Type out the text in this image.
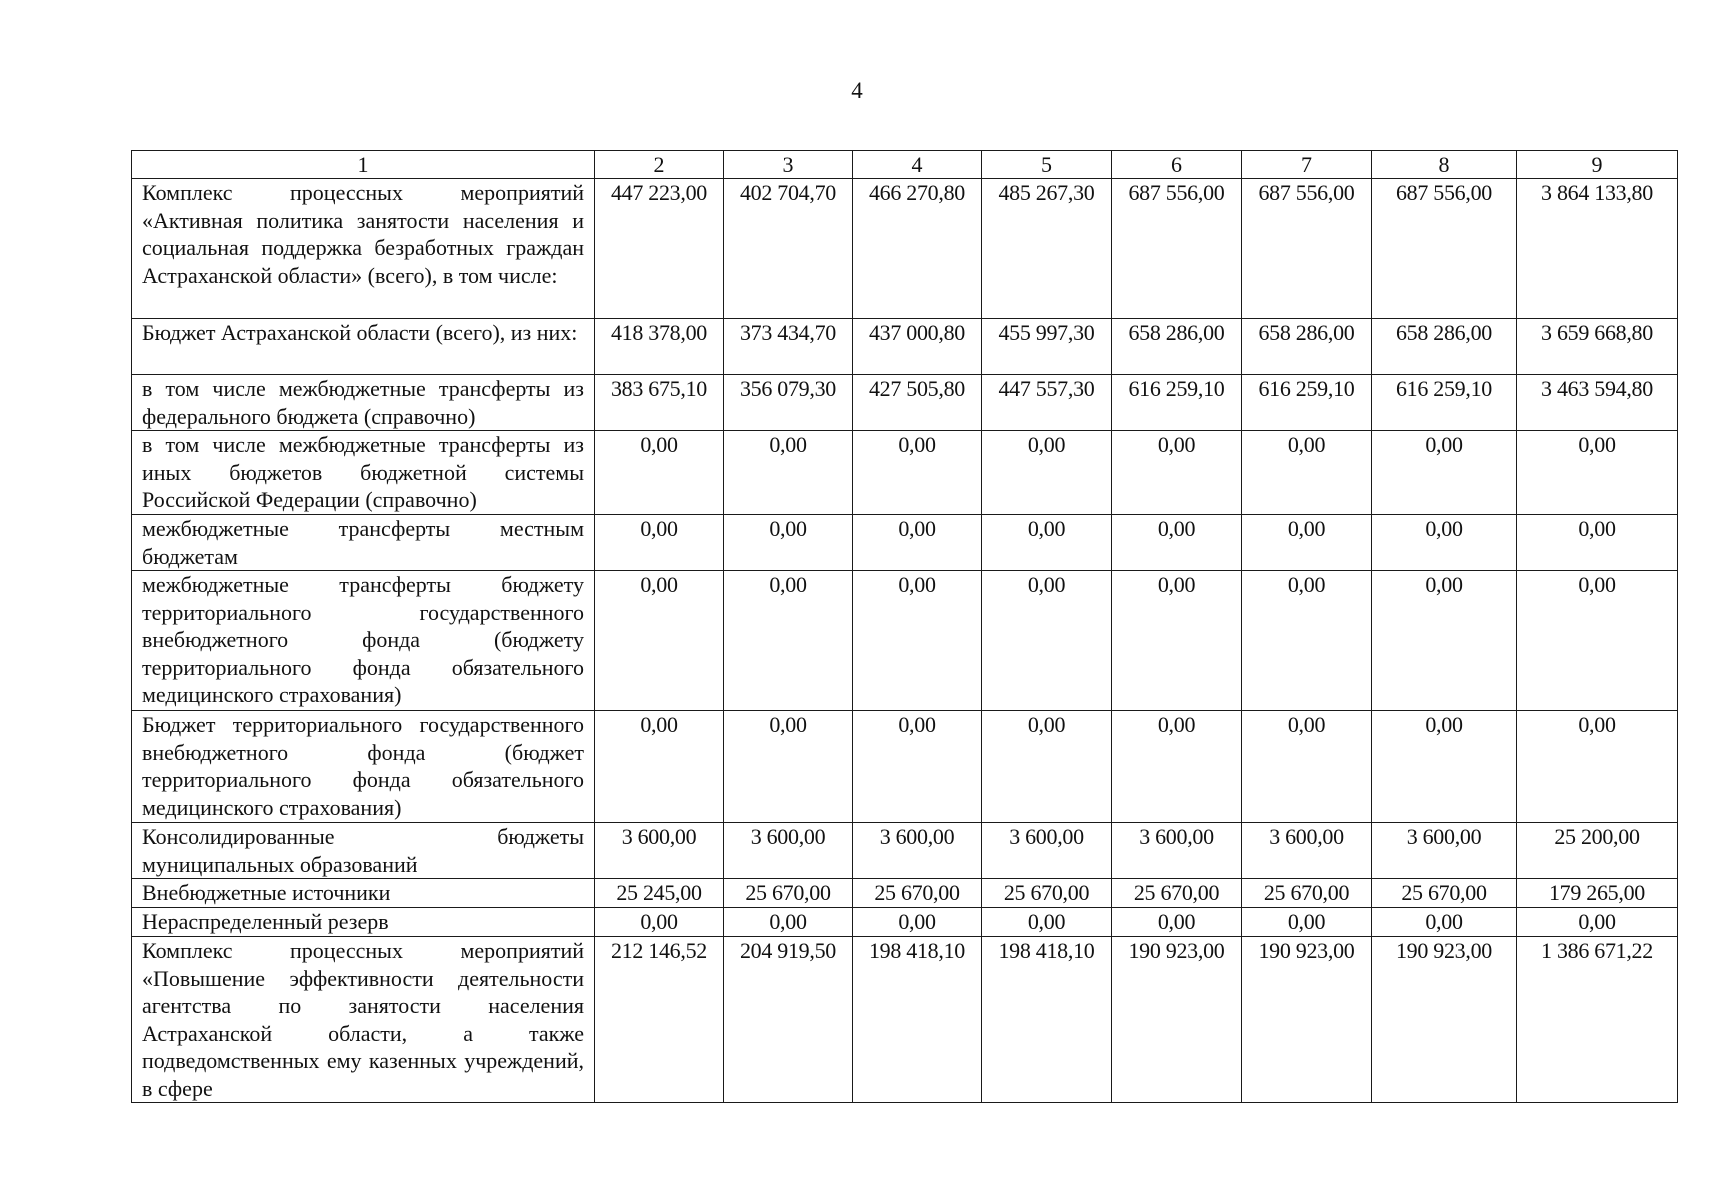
4
1	2	3	4	5	6	7	8	9
Комплекс процессных мероприятий «Активная политика занятости населения и социальная поддержка безработных граждан Астраханской области» (всего), в том числе:	447 223,00	402 704,70	466 270,80	485 267,30	687 556,00	687 556,00	687 556,00	3 864 133,80
Бюджет Астраханской области (всего), из них:	418 378,00	373 434,70	437 000,80	455 997,30	658 286,00	658 286,00	658 286,00	3 659 668,80
в том числе межбюджетные трансферты из федерального бюджета (справочно)	383 675,10	356 079,30	427 505,80	447 557,30	616 259,10	616 259,10	616 259,10	3 463 594,80
в том числе межбюджетные трансферты из иных бюджетов бюджетной системы Российской Федерации (справочно)	0,00	0,00	0,00	0,00	0,00	0,00	0,00	0,00
межбюджетные трансферты местным бюджетам	0,00	0,00	0,00	0,00	0,00	0,00	0,00	0,00
межбюджетные трансферты бюджету территориального государственного внебюджетного фонда (бюджету территориального фонда обязательного медицинского страхования)	0,00	0,00	0,00	0,00	0,00	0,00	0,00	0,00
Бюджет территориального государственного внебюджетного фонда (бюджет территориального фонда обязательного медицинского страхования)	0,00	0,00	0,00	0,00	0,00	0,00	0,00	0,00
Консолидированные бюджеты муниципальных образований	3 600,00	3 600,00	3 600,00	3 600,00	3 600,00	3 600,00	3 600,00	25 200,00
Внебюджетные источники	25 245,00	25 670,00	25 670,00	25 670,00	25 670,00	25 670,00	25 670,00	179 265,00
Нераспределенный резерв	0,00	0,00	0,00	0,00	0,00	0,00	0,00	0,00
Комплекс процессных мероприятий «Повышение эффективности деятельности агентства по занятости населения Астраханской области, а также подведомственных ему казенных учреждений, в сфере	212 146,52	204 919,50	198 418,10	198 418,10	190 923,00	190 923,00	190 923,00	1 386 671,22
